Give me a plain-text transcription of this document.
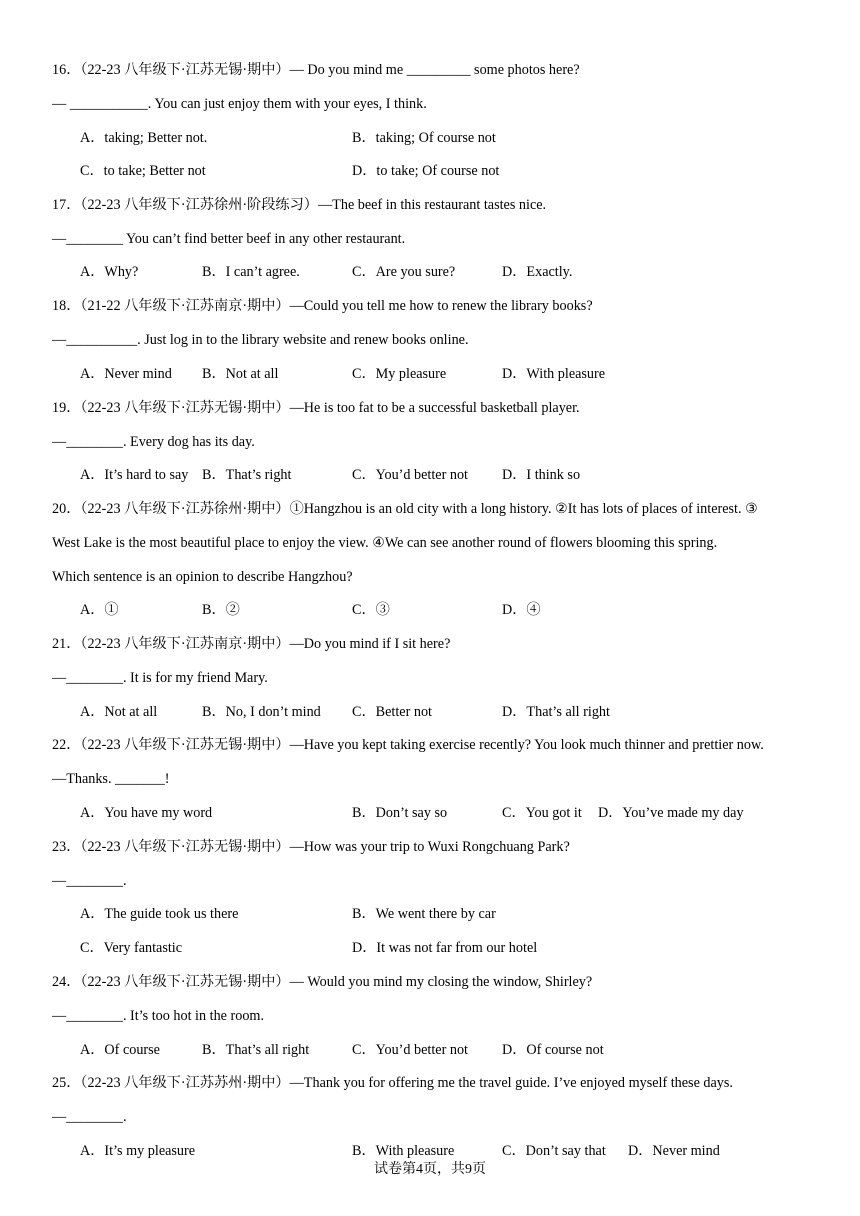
16．（22-23 八年级下·江苏无锡·期中）— Do you mind me _________ some photos here?
— ___________. You can just enjoy them with your eyes, I think.
A．taking; Better not.	B．taking; Of course not
C．to take; Better not	D．to take; Of course not
17．（22-23 八年级下·江苏徐州·阶段练习）—The beef in this restaurant tastes nice.
—________ You can’t find better beef in any other restaurant.
A．Why?	B．I can’t agree.	C．Are you sure?	D．Exactly.
18．（21-22 八年级下·江苏南京·期中）—Could you tell me how to renew the library books?
—__________. Just log in to the library website and renew books online.
A．Never mind B．Not at all	C．My pleasure	D．With pleasure
19．（22-23 八年级下·江苏无锡·期中）—He is too fat to be a successful basketball player.
—________. Every dog has its day.
A．It’s hard to say B．That’s right	C．You’d better not D．I think so
20．（22-23 八年级下·江苏徐州·期中）①Hangzhou is an old city with a long history. ②It has lots of places of interest. ③
West Lake is the most beautiful place to enjoy the view. ④We can see another round of flowers blooming this spring.
Which sentence is an opinion to describe Hangzhou?
A．①	B．②	C．③	D．④
21．（22-23 八年级下·江苏南京·期中）—Do you mind if I sit here?
—________. It is for my friend Mary.
A．Not at all	B．No, I don’t mind C．Better not	D．That’s all right
22．（22-23 八年级下·江苏无锡·期中）—Have you kept taking exercise recently? You look much thinner and prettier now.
—Thanks. _______!
A．You have my word	B．Don’t say so	C．You got it D．You’ve made my day
23．（22-23 八年级下·江苏无锡·期中）—How was your trip to Wuxi Rongchuang Park?
—________.
A．The guide took us there	B．We went there by car
C．Very fantastic	D．It was not far from our hotel
24．（22-23 八年级下·江苏无锡·期中）— Would you mind my closing the window, Shirley?
—________. It’s too hot in the room.
A．Of course	B．That’s all right	C．You’d better not D．Of course not
25．（22-23 八年级下·江苏苏州·期中）—Thank you for offering me the travel guide. I’ve enjoyed myself these days.
—________.
A．It’s my pleasure	B．With pleasure	C．Don’t say that D．Never mind
试卷第4页，共9页
